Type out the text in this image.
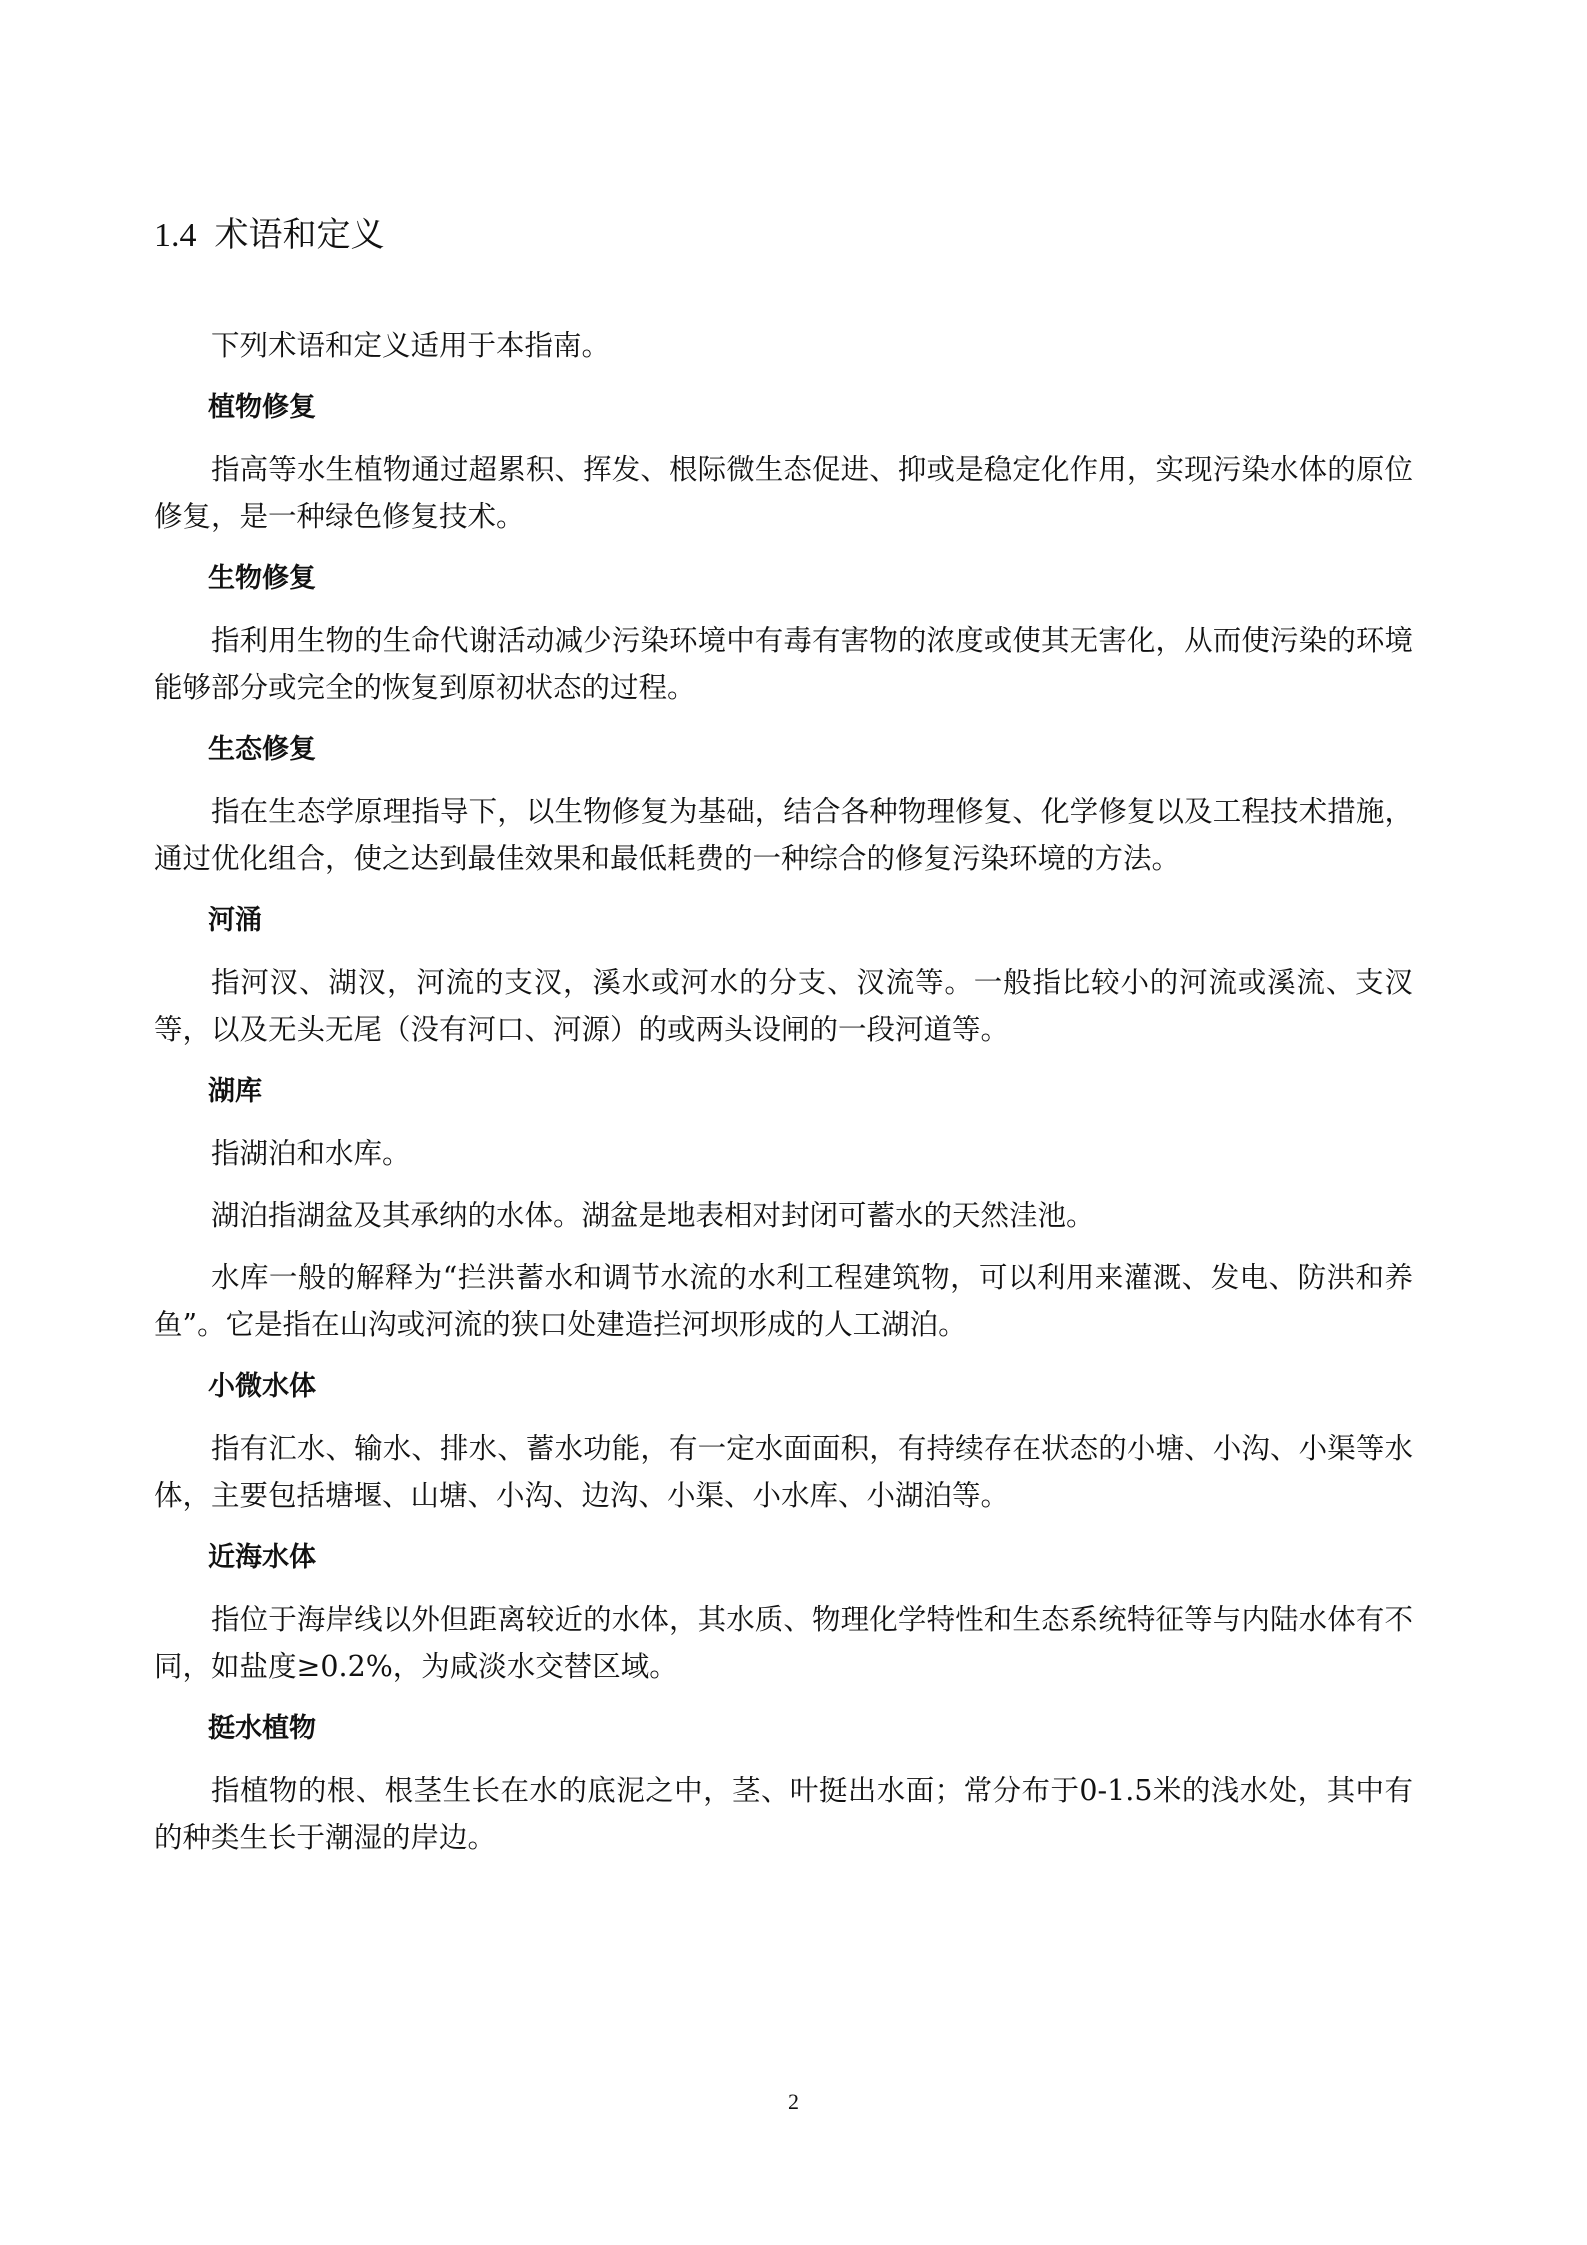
1.4 术语和定义

下列术语和定义适用于本指南。

植物修复

指高等水生植物通过超累积、挥发、根际微生态促进、抑或是稳定化作用，实现污染水体的原位修复，是一种绿色修复技术。

生物修复

指利用生物的生命代谢活动减少污染环境中有毒有害物的浓度或使其无害化，从而使污染的环境能够部分或完全的恢复到原初状态的过程。

生态修复

指在生态学原理指导下，以生物修复为基础，结合各种物理修复、化学修复以及工程技术措施，通过优化组合，使之达到最佳效果和最低耗费的一种综合的修复污染环境的方法。

河涌

指河汊、湖汊，河流的支汊，溪水或河水的分支、汊流等。一般指比较小的河流或溪流、支汊等，以及无头无尾（没有河口、河源）的或两头设闸的一段河道等。

湖库

指湖泊和水库。

湖泊指湖盆及其承纳的水体。湖盆是地表相对封闭可蓄水的天然洼池。

水库一般的解释为“拦洪蓄水和调节水流的水利工程建筑物，可以利用来灌溉、发电、防洪和养鱼”。它是指在山沟或河流的狭口处建造拦河坝形成的人工湖泊。

小微水体

指有汇水、输水、排水、蓄水功能，有一定水面面积，有持续存在状态的小塘、小沟、小渠等水体，主要包括塘堰、山塘、小沟、边沟、小渠、小水库、小湖泊等。

近海水体

指位于海岸线以外但距离较近的水体，其水质、物理化学特性和生态系统特征等与内陆水体有不同，如盐度≥0.2%，为咸淡水交替区域。

挺水植物

指植物的根、根茎生长在水的底泥之中，茎、叶挺出水面；常分布于0-1.5米的浅水处，其中有的种类生长于潮湿的岸边。

2
